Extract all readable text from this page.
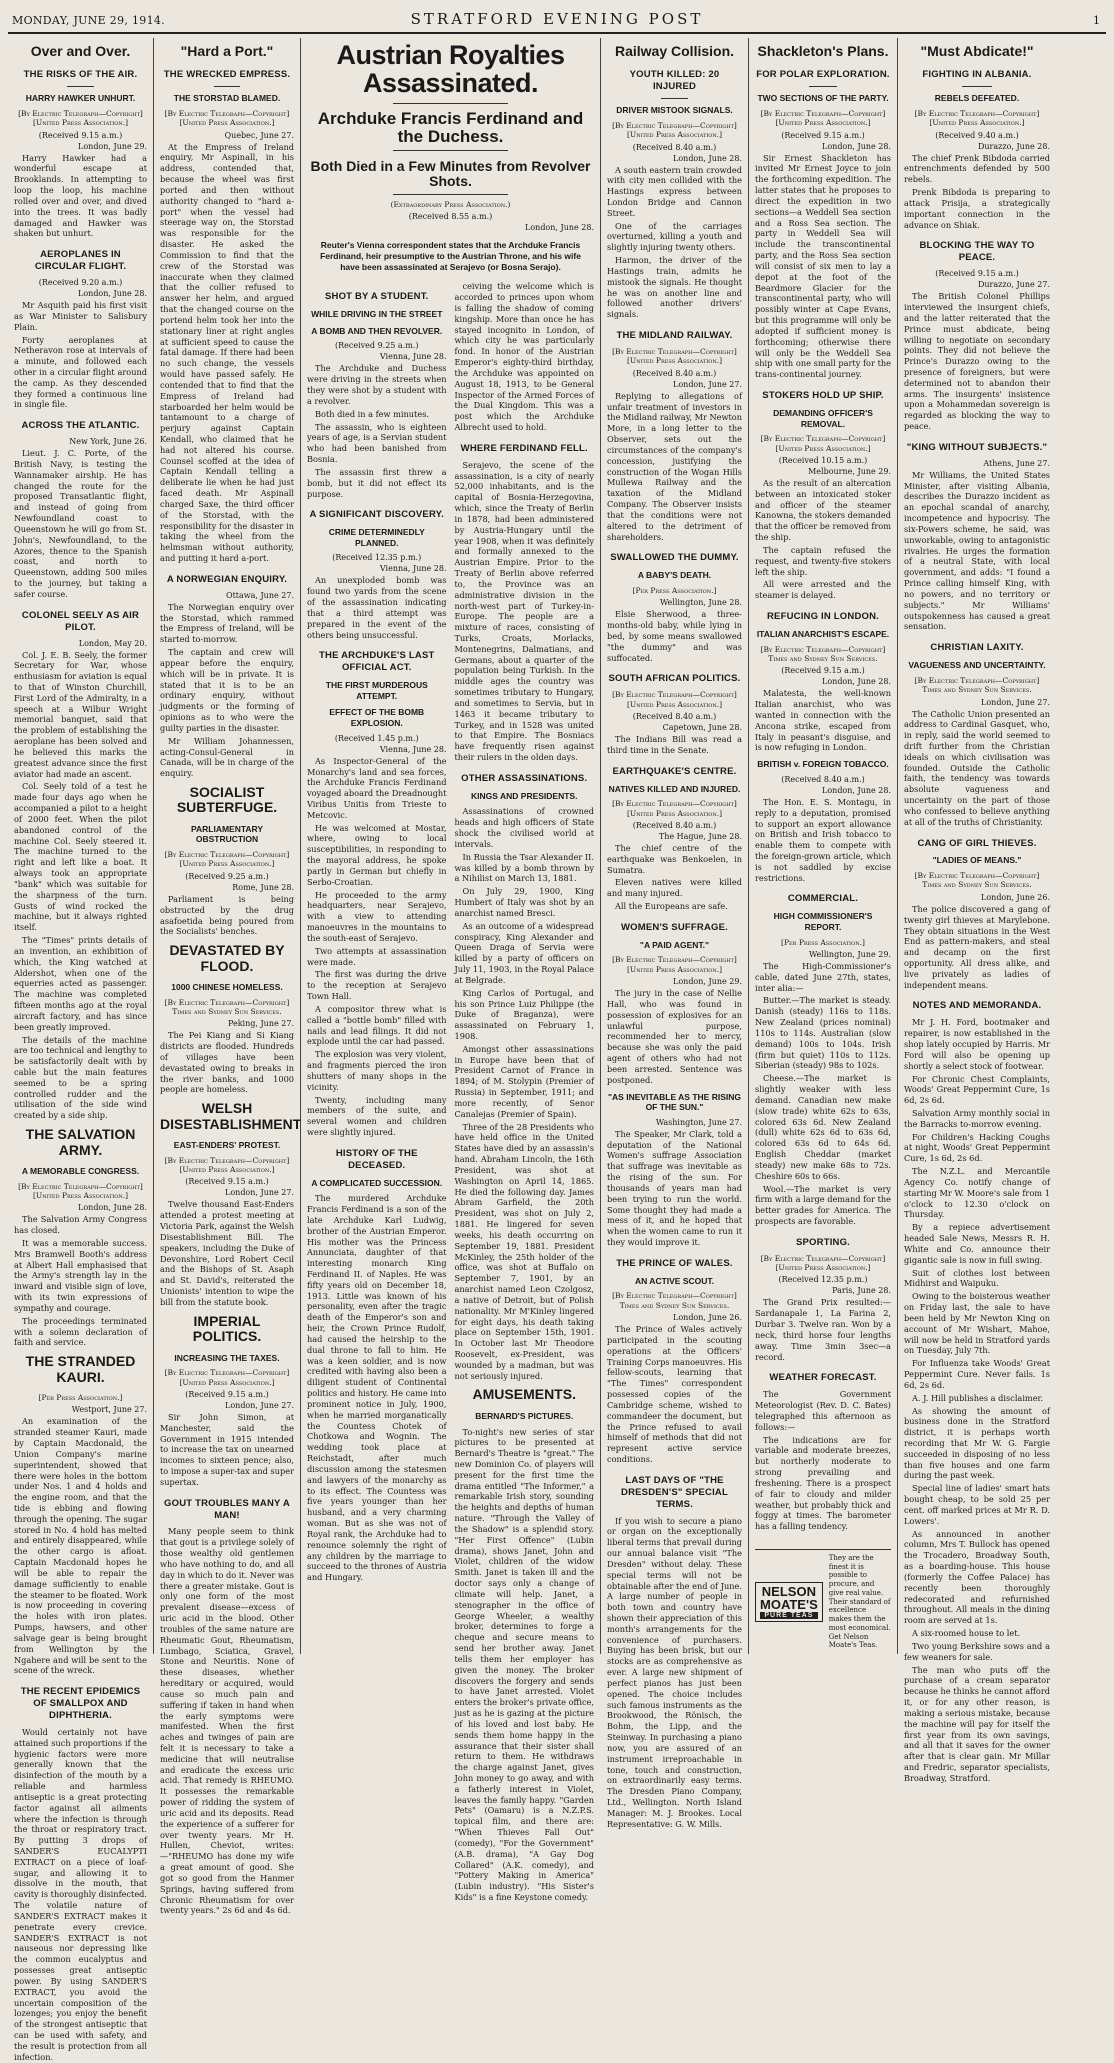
MONDAY, JUNE 29, 1914.	STRATFORD EVENING POST	1
Over and Over.
THE RISKS OF THE AIR.
HARRY HAWKER UNHURT.
[By Electric Telegraph—Copyright] [United Press Association.]
(Received 9.15 a.m.)
London, June 29.

Harry Hawker had a wonderful escape at Brooklands. In attempting to loop the loop, his machine rolled over and over, and dived into the trees. It was badly damaged and Hawker was shaken but unhurt.

AEROPLANES IN CIRCULAR FLIGHT.
(Received 9.20 a.m.)
London, June 28.

Mr Asquith paid his first visit as War Minister to Salisbury Plain.

Forty aeroplanes at Netheravon rose at intervals of a minute, and followed each other in a circular flight around the camp. As they descended they formed a continuous line in single file.

ACROSS THE ATLANTIC.
New York, June 26.

Lieut. J. C. Porte, of the British Navy, is testing the Wannamaker airship. He has changed the route for the proposed Transatlantic flight, and instead of going from Newfoundland coast to Queenstown he will go from St. John's, Newfoundland, to the Azores, thence to the Spanish coast, and north to Queenstown, adding 500 miles to the journey, but taking a safer course.

COLONEL SEELY AS AIR PILOT.
London, May 20.

Col. J. E. B. Seely, the former Secretary for War, whose enthusiasm for aviation is equal to that of Winston Churchill, First Lord of the Admiralty, in a speech at a Wilbur Wright memorial banquet, said that the problem of establishing the aeroplane has been solved and he believed this marks the greatest advance since the first aviator had made an ascent.

Col. Seely told of a test he made four days ago when he accompanied a pilot to a height of 2000 feet. When the pilot abandoned control of the machine Col. Seely steered it. The machine turned to the right and left like a boat. It always took an appropriate "bank" which was suitable for the sharpness of the turn. Gusts of wind rocked the machine, but it always righted itself.

The "Times" prints details of an invention, an exhibition of which, the King watched at Aldershot, when one of the equerries acted as passenger. The machine was completed fifteen months ago at the royal aircraft factory, and has since been greatly improved.

The details of the machine are too technical and lengthy to be satisfactorily dealt with by cable but the main features seemed to be a spring controlled rudder and the utilisation of the side wind created by a side ship.

THE SALVATION ARMY.
A MEMORABLE CONGRESS.
[By Electric Telegraph—Copyright] [United Press Association.]
London, June 28.

The Salvation Army Congress has closed.

It was a memorable success. Mrs Bramwell Booth's address at Albert Hall emphasised that the Army's strength lay in the inward and visible sign of love, with its twin expressions of sympathy and courage.

The proceedings terminated with a solemn declaration of faith and service.

THE STRANDED KAURI.
[Per Press Association.]
Westport, June 27.

An examination of the stranded steamer Kauri, made by Captain Macdonald, the Union Company's marine superintendent, showed that there were holes in the bottom under Nos. 1 and 4 holds and the engine room, and that the tide is ebbing and flowing through the opening. The sugar stored in No. 4 hold has melted and entirely disappeared, while the other cargo is afloat. Captain Macdonald hopes he will be able to repair the damage sufficiently to enable the steamer to be floated. Work is now proceeding in covering the holes with iron plates. Pumps, hawsers, and other salvage gear is being brought from Wellington by the Ngahere and will be sent to the scene of the wreck.

THE RECENT EPIDEMICS OF SMALLPOX AND DIPHTHERIA.

Would certainly not have attained such proportions if the hygienic factors were more generally known that the disinfection of the mouth by a reliable and harmless antiseptic is a great protecting factor against all ailments where the infection is through the throat or respiratory tract. By putting 3 drops of SANDER'S EUCALYPTI EXTRACT on a piece of loaf-sugar, and allowing it to dissolve in the mouth, that cavity is thoroughly disinfected. The volatile nature of SANDER'S EXTRACT makes it penetrate every crevice. SANDER'S EXTRACT is not nauseous nor depressing like the common eucalyptus and possesses great antiseptic power. By using SANDER'S EXTRACT, you avoid the uncertain composition of the lozenges; you enjoy the benefit of the strongest antiseptic that can be used with safety, and the result is protection from all infection.

"Hard a Port."
THE WRECKED EMPRESS.
THE STORSTAD BLAMED.
[By Electric Telegraph—Copyright] [United Press Association.]
Quebec, June 27.

At the Empress of Ireland enquiry, Mr Aspinall, in his address, contended that, because the wheel was first ported and then without authority changed to "hard a-port" when the vessel had steerage way on, the Storstad was responsible for the disaster. He asked the Commission to find that the crew of the Storstad was inaccurate when they claimed that the collier refused to answer her helm, and argued that the changed course on the portend helm took her into the stationary liner at right angles at sufficient speed to cause the fatal damage. If there had been no such change, the vessels would have passed safely. He contended that to find that the Empress of Ireland had starboarded her helm would be tantamount to a charge of perjury against Captain Kendall, who claimed that he had not altered his course. Counsel scoffed at the idea of Captain Kendall telling a deliberate lie when he had just faced death. Mr Aspinall charged Saxe, the third officer of the Storstad, with the responsibility for the disaster in taking the wheel from the helmsman without authority, and putting it hard a-port.

A NORWEGIAN ENQUIRY.
Ottawa, June 27.

The Norwegian enquiry over the Storstad, which rammed the Empress of Ireland, will be started to-morrow.

The captain and crew will appear before the enquiry, which will be in private. It is stated that it is to be an ordinary enquiry, without judgments or the forming of opinions as to who were the guilty parties in the disaster.

Mr William Johannessen, acting-Consul-General in Canada, will be in charge of the enquiry.

SOCIALIST SUBTERFUGE.
PARLIAMENTARY OBSTRUCTION
[By Electric Telegraph—Copyright] [United Press Association.]
(Received 9.25 a.m.)
Rome, June 28.

Parliament is being obstructed by the drug asafoetida being poured from the Socialists' benches.

DEVASTATED BY FLOOD.
1000 CHINESE HOMELESS.
[By Electric Telegraph—Copyright] Times and Sydney Sun Services.
Peking, June 27.

The Pei Kiang and Si Kiang districts are flooded. Hundreds of villages have been devastated owing to breaks in the river banks, and 1000 people are homeless.

WELSH DISESTABLISHMENT
EAST-ENDERS' PROTEST.
[By Electric Telegraph—Copyright] [United Press Association.]
(Received 9.15 a.m.)
London, June 27.

Twelve thousand East-Enders attended a protest meeting at Victoria Park, against the Welsh Disestablishment Bill. The speakers, including the Duke of Devonshire, Lord Robert Cecil and the Bishops of St. Asaph and St. David's, reiterated the Unionists' intention to wipe the bill from the statute book.

IMPERIAL POLITICS.
INCREASING THE TAXES.
[By Electric Telegraph—Copyright] [United Press Association.]
(Received 9.15 a.m.)
London, June 27.

Sir John Simon, at Manchester, said the Government in 1915 intended to increase the tax on unearned incomes to sixteen pence; also, to impose a super-tax and super supertax.

GOUT TROUBLES MANY A MAN!

Many people seem to think that gout is a privilege solely of those wealthy old gentlemen who have nothing to do, and all day in which to do it. Never was there a greater mistake. Gout is only one form of the most prevalent disease—excess of uric acid in the blood. Other troubles of the same nature are Rheumatic Gout, Rheumatism, Lumbago, Sciatica, Gravel, Stone and Neuritis. None of these diseases, whether hereditary or acquired, would cause so much pain and suffering if taken in hand when the early symptoms were manifested. When the first aches and twinges of pain are felt it is necessary to take a medicine that will neutralise and eradicate the excess uric acid. That remedy is RHEUMO. It possesses the remarkable power of ridding the system of uric acid and its deposits. Read the experience of a sufferer for over twenty years. Mr H. Hullen, Cheviot, writes:—"RHEUMO has done my wife a great amount of good. She got so good from the Hanmer Springs, having suffered from Chronic Rheumatism for over twenty years." 2s 6d and 4s 6d.

Austrian Royalties Assassinated.
Archduke Francis Ferdinand and the Duchess.
Both Died in a Few Minutes from Revolver Shots.
(Extraordinary Press Association.)
(Received 8.55 a.m.)
London, June 28.
Reuter's Vienna correspondent states that the Archduke Francis Ferdinand, heir presumptive to the Austrian Throne, and his wife have been assassinated at Serajevo (or Bosna Serajo).
SHOT BY A STUDENT.
WHILE DRIVING IN THE STREET
A BOMB AND THEN REVOLVER.
(Received 9.25 a.m.)
Vienna, June 28.

The Archduke and Duchess were driving in the streets when they were shot by a student with a revolver.

Both died in a few minutes.

The assassin, who is eighteen years of age, is a Servian student who had been banished from Bosnia.

The assassin first threw a bomb, but it did not effect its purpose.

A SIGNIFICANT DISCOVERY.
CRIME DETERMINEDLY PLANNED.
(Received 12.35 p.m.)
Vienna, June 28.

An unexploded bomb was found two yards from the scene of the assassination indicating that a third attempt was prepared in the event of the others being unsuccessful.

THE ARCHDUKE'S LAST OFFICIAL ACT.
THE FIRST MURDEROUS ATTEMPT.
EFFECT OF THE BOMB EXPLOSION.
(Received 1.45 p.m.)
Vienna, June 28.

As Inspector-General of the Monarchy's land and sea forces, the Archduke Francis Ferdinand voyaged aboard the Dreadnought Viribus Unitis from Trieste to Metcovic.

He was welcomed at Mostar, where, owing to local susceptibilities, in responding to the mayoral address, he spoke partly in German but chiefly in Serbo-Croatian.

He proceeded to the army headquarters, near Serajevo, with a view to attending manoeuvres in the mountains to the south-east of Serajevo.

Two attempts at assassination were made.

The first was during the drive to the reception at Serajevo Town Hall.

A compositor threw what is called a "bottle bomb" filled with nails and lead filings. It did not explode until the car had passed.

The explosion was very violent, and fragments pierced the iron shutters of many shops in the vicinity.

Twenty, including many members of the suite, and several women and children were slightly injured.

HISTORY OF THE DECEASED.
A COMPLICATED SUCCESSION.

The murdered Archduke Francis Ferdinand is a son of the late Archduke Karl Ludwig, brother of the Austrian Emperor. His mother was the Princess Annunciata, daughter of that interesting monarch King Ferdinand II. of Naples. He was fifty years old on December 18, 1913. Little was known of his personality, even after the tragic death of the Emperor's son and heir, the Crown Prince Rudolf, had caused the heirship to the dual throne to fall to him. He was a keen soldier, and is now credited with having also been a diligent student of Continental politics and history. He came into prominent notice in July, 1900, when he married morganatically the Countess Chotek of Chotkowa and Wognin. The wedding took place at Reichstadt, after much discussion among the statesmen and lawyers of the monarchy as to its effect. The Countess was five years younger than her husband, and a very charming woman. But as she was not of Royal rank, the Archduke had to renounce solemnly the right of any children by the marriage to succeed to the thrones of Austria and Hungary.

ceiving the welcome which is accorded to princes upon whom is falling the shadow of coming kingship. More than once he has stayed incognito in London, of which city he was particularly fond. In honor of the Austrian Emperor's eighty-third birthday, the Archduke was appointed on August 18, 1913, to be General Inspector of the Armed Forces of the Dual Kingdom. This was a post which the Archduke Albrecht used to hold.

WHERE FERDINAND FELL.

Serajevo, the scene of the assassination, is a city of nearly 52,000 inhabitants, and is the capital of Bosnia-Herzegovina, which, since the Treaty of Berlin in 1878, had been administered by Austria-Hungary until the year 1908, when it was definitely and formally annexed to the Austrian Empire. Prior to the Treaty of Berlin above referred to, the Province was an administrative division in the north-west part of Turkey-in-Europe. The people are a mixture of races, consisting of Turks, Croats, Morlacks, Montenegrins, Dalmatians, and Germans, about a quarter of the population being Turkish. In the middle ages the country was sometimes tributary to Hungary, and sometimes to Servia, but in 1463 it became tributary to Turkey, and in 1528 was united to that Empire. The Bosniacs have frequently risen against their rulers in the olden days.

OTHER ASSASSINATIONS.
KINGS AND PRESIDENTS.

Assassinations of crowned heads and high officers of State shock the civilised world at intervals.

In Russia the Tsar Alexander II. was killed by a bomb thrown by a Nihilist on March 13, 1881.

On July 29, 1900, King Humbert of Italy was shot by an anarchist named Bresci.

As an outcome of a widespread conspiracy, King Alexander and Queen Draga of Servia were killed by a party of officers on July 11, 1903, in the Royal Palace at Belgrade.

King Carlos of Portugal, and his son Prince Luiz Philippe (the Duke of Braganza), were assassinated on February 1, 1908.

Amongst other assassinations in Europe have been that of President Carnot of France in 1894; of M. Stolypin (Premier of Russia) in September, 1911; and more recently, of Senor Canalejas (Premier of Spain).

Three of the 28 Presidents who have held office in the United States have died by an assassin's hand. Abraham Lincoln, the 16th President, was shot at Washington on April 14, 1865. He died the following day. James Abram Garfield, the 20th President, was shot on July 2, 1881. He lingered for seven weeks, his death occurring on September 19, 1881. President McKinley, the 25th holder of the office, was shot at Buffalo on September 7, 1901, by an anarchist named Leon Czolgosz, a native of Detroit, but of Polish nationality. Mr M'Kinley lingered for eight days, his death taking place on September 15th, 1901. In October last Mr Theodore Roosevelt, ex-President, was wounded by a madman, but was not seriously injured.

AMUSEMENTS.
BERNARD'S PICTURES.

To-night's new series of star pictures to be presented at Bernard's Theatre is "great." The new Dominion Co. of players will present for the first time the drama entitled "The Informer," a remarkable Irish story, sounding the heights and depths of human nature. "Through the Valley of the Shadow" is a splendid story. "Her First Offence" (Lubin drama), shows Janet, John and Violet, children of the widow Smith. Janet is taken ill and the doctor says only a change of climate will help. Janet, a stenographer in the office of George Wheeler, a wealthy broker, determines to forge a cheque and secure means to send her brother away. Janet tells them her employer has given the money. The broker discovers the forgery and sends to have Janet arrested. Violet enters the broker's private office, just as he is gazing at the picture of his loved and lost baby. He sends them home happy in the assurance that their sister shall return to them. He withdraws the charge against Janet, gives John money to go away, and with a fatherly interest in Violet, leaves the family happy. "Garden Pets" (Oamaru) is a N.Z.P.S. topical film, and there are: "When Thieves Fall Out" (comedy), "For the Government" (A.B. drama), "A Gay Dog Collared" (A.K. comedy), and "Pottery Making in America" (Lubin industry). "His Sister's Kids" is a fine Keystone comedy.

Railway Collision.
YOUTH KILLED: 20 INJURED
DRIVER MISTOOK SIGNALS.
[By Electric Telegraph—Copyright] [United Press Association.]
(Received 8.40 a.m.)
London, June 28.

A south eastern train crowded with city men collided with the Hastings express between London Bridge and Cannon Street.

One of the carriages overturned, killing a youth and slightly injuring twenty others.

Harmon, the driver of the Hastings train, admits he mistook the signals. He thought he was on another line and followed another drivers' signals.

THE MIDLAND RAILWAY.
[By Electric Telegraph—Copyright] [United Press Association.]
(Received 8.40 a.m.)
London, June 27.

Replying to allegations of unfair treatment of investors in the Midland railway, Mr Newton More, in a long letter to the Observer, sets out the circumstances of the company's concession, justifying the construction of the Wogan Hills Mullewa Railway and the taxation of the Midland Company. The Observer insists that the conditions were not altered to the detriment of shareholders.

SWALLOWED THE DUMMY.
A BABY'S DEATH.
[Per Press Association.]
Wellington, June 28.

Elsie Sherwood, a three-months-old baby, while lying in bed, by some means swallowed "the dummy" and was suffocated.

SOUTH AFRICAN POLITICS.
[By Electric Telegraph—Copyright] [United Press Association.]
(Received 8.40 a.m.)
Capetown, June 28.

The Indians Bill was read a third time in the Senate.

EARTHQUAKE'S CENTRE.
NATIVES KILLED AND INJURED.
[By Electric Telegraph—Copyright] [United Press Association.]
(Received 8.40 a.m.)
The Hague, June 28.

The chief centre of the earthquake was Benkoelen, in Sumatra.

Eleven natives were killed and many injured.

All the Europeans are safe.

WOMEN'S SUFFRAGE.
"A PAID AGENT."
[By Electric Telegraph—Copyright] [United Press Association.]
London, June 29.

The jury in the case of Nellie Hall, who was found in possession of explosives for an unlawful purpose, recommended her to mercy, because she was only the paid agent of others who had not been arrested. Sentence was postponed.

"AS INEVITABLE AS THE RISING OF THE SUN."
Washington, June 27.

The Speaker, Mr Clark, told a deputation of the National Women's suffrage Association that suffrage was inevitable as the rising of the sun. For thousands of years man had been trying to run the world. Some thought they had made a mess of it, and he hoped that when the women came to run it they would improve it.

THE PRINCE OF WALES.
AN ACTIVE SCOUT.
[By Electric Telegraph—Copyright] Times and Sydney Sun Services.
London, June 26.

The Prince of Wales actively participated in the scouting operations at the Officers' Training Corps manoeuvres. His fellow-scouts, learning that "The Times" correspondent possessed copies of the Cambridge scheme, wished to commandeer the document, but the Prince refused to avail himself of methods that did not represent active service conditions.

LAST DAYS OF "THE DRESDEN'S" SPECIAL TERMS.

If you wish to secure a piano or organ on the exceptionally liberal terms that prevail during our annual balance visit "The Dresden" without delay. These special terms will not be obtainable after the end of June. A large number of people in both town and country have shown their appreciation of this month's arrangements for the convenience of purchasers. Buying has been brisk, but our stocks are as comprehensive as ever. A large new shipment of perfect pianos has just been opened. The choice includes such famous instruments as the Brookwood, the Rönisch, the Bohm, the Lipp, and the Steinway. In purchasing a piano now, you are assured of an instrument irreproachable in tone, touch and construction, on extraordinarily easy terms. The Dresden Piano Company, Ltd., Wellington. North Island Manager: M. J. Brookes. Local Representative: G. W. Mills.

Shackleton's Plans.
FOR POLAR EXPLORATION.
TWO SECTIONS OF THE PARTY.
[By Electric Telegraph—Copyright] [United Press Association.]
(Received 9.15 a.m.)
London, June 28.

Sir Ernest Shackleton has invited Mr Ernest Joyce to join the forthcoming expedition. The latter states that he proposes to direct the expedition in two sections—a Weddell Sea section and a Ross Sea section. The party in Weddell Sea will include the transcontinental party, and the Ross Sea section will consist of six men to lay a depot at the foot of the Beardmore Glacier for the transcontinental party, who will possibly winter at Cape Evans, but this programme will only be adopted if sufficient money is forthcoming; otherwise there will only be the Weddell Sea ship with one small party for the trans-continental journey.

STOKERS HOLD UP SHIP.
DEMANDING OFFICER'S REMOVAL.
[By Electric Telegraph—Copyright] [United Press Association.]
(Received 10.15 a.m.)
Melbourne, June 29.

As the result of an altercation between an intoxicated stoker and officer of the steamer Kanowna, the stokers demanded that the officer be removed from the ship.

The captain refused the request, and twenty-five stokers left the ship.

All were arrested and the steamer is delayed.

REFUCING IN LONDON.
ITALIAN ANARCHIST'S ESCAPE.
[By Electric Telegraph—Copyright] Times and Sydney Sun Services.
(Received 9.15 a.m.)
London, June 28.

Malatesta, the well-known Italian anarchist, who was wanted in connection with the Ancona strike, escaped from Italy in peasant's disguise, and is now refuging in London.

BRITISH v. FOREIGN TOBACCO.
(Received 8.40 a.m.)
London, June 28.

The Hon. E. S. Montagu, in reply to a deputation, promised to support an export allowance on British and Irish tobacco to enable them to compete with the foreign-grown article, which is not saddled by excise restrictions.

COMMERCIAL.
HIGH COMMISSIONER'S REPORT.
[Per Press Association.]
Wellington, June 29.

The High-Commissioner's cable, dated June 27th, states, inter alia:—

Butter.—The market is steady. Danish (steady) 116s to 118s. New Zealand (prices nominal) 110s to 114s. Australian (slow demand) 100s to 104s. Irish (firm but quiet) 110s to 112s. Siberian (steady) 98s to 102s.

Cheese.—The market is slightly weaker with less demand. Canadian new make (slow trade) white 62s to 63s, colored 63s 6d. New Zealand (dull) white 62s 6d to 63s 6d, colored 63s 6d to 64s 6d. English Cheddar (market steady) new make 68s to 72s. Cheshire 60s to 66s.

Wool.—The market is very firm with a large demand for the better grades for America. The prospects are favorable.

SPORTING.
[By Electric Telegraph—Copyright] [United Press Association.]
(Received 12.35 p.m.)
Paris, June 28.

The Grand Prix resulted:—Sardanapale 1, La Farina 2, Durbar 3. Twelve ran. Won by a neck, third horse four lengths away. Time 3min 3sec—a record.

WEATHER FORECAST.

The Government Meteorologist (Rev. D. C. Bates) telegraphed this afternoon as follows:—

The indications are for variable and moderate breezes, but northerly moderate to strong prevailing and freshening. There is a prospect of fair to cloudy and milder weather, but probably thick and foggy at times. The barometer has a falling tendency.

NELSON
MOATE'S
PURE TEAS
They are the finest it is possible to procure, and give real value. Their standard of excellence makes them the most economical. Get Nelson Moate's Teas.
"Must Abdicate!"
FIGHTING IN ALBANIA.
REBELS DEFEATED.
[By Electric Telegraph—Copyright] [United Press Association.]
(Received 9.40 a.m.)
Durazzo, June 28.

The chief Prenk Bibdoda carried entrenchments defended by 500 rebels.

Prenk Bibdoda is preparing to attack Prisija, a strategically important connection in the advance on Shiak.

BLOCKING THE WAY TO PEACE.
(Received 9.15 a.m.)
Durazzo, June 27.

The British Colonel Phillips interviewed the insurgent chiefs, and the latter reiterated that the Prince must abdicate, being willing to negotiate on secondary points. They did not believe the Prince's Durazzo owing to the presence of foreigners, but were determined not to abandon their arms. The insurgents' insistence upon a Mohammedan sovereign is regarded as blocking the way to peace.

"KING WITHOUT SUBJECTS."
Athens, June 27.

Mr Williams, the United States Minister, after visiting Albania, describes the Durazzo incident as an epochal scandal of anarchy, incompetence and hypocrisy. The six-Powers scheme, he said, was unworkable, owing to antagonistic rivalries. He urges the formation of a neutral State, with local government, and adds: "I found a Prince calling himself King, with no powers, and no territory or subjects." Mr Williams' outspokenness has caused a great sensation.

CHRISTIAN LAXITY.
VAGUENESS AND UNCERTAINTY.
[By Electric Telegraph—Copyright] Times and Sydney Sun Services.
London, June 27.

The Catholic Union presented an address to Cardinal Gasquet, who, in reply, said the world seemed to drift further from the Christian ideals on which civilisation was founded. Outside the Catholic faith, the tendency was towards absolute vagueness and uncertainty on the part of those who confessed to believe anything at all of the truths of Christianity.

CANG OF GIRL THIEVES.
"LADIES OF MEANS."
[By Electric Telegraph—Copyright] Times and Sydney Sun Services.
London, June 26.

The police discovered a gang of twenty girl thieves at Marylebone. They obtain situations in the West End as pattern-makers, and steal and decamp on the first opportunity. All dress alike, and live privately as ladies of independent means.

NOTES AND MEMORANDA.

Mr J. H. Ford, bootmaker and repairer, is now established in the shop lately occupied by Harris. Mr Ford will also be opening up shortly a select stock of footwear.

For Chronic Chest Complaints, Woods' Great Peppermint Cure, 1s 6d, 2s 6d.

Salvation Army monthly social in the Barracks to-morrow evening.

For Children's Hacking Coughs at night, Woods' Great Peppermint Cure, 1s 6d, 2s 6d.

The N.Z.L. and Mercantile Agency Co. notify change of starting Mr W. Moore's sale from 1 o'clock to 12.30 o'clock on Thursday.

By a repiece advertisement headed Sale News, Messrs R. H. White and Co. announce their gigantic sale is now in full swing.

Suit of clothes lost between Midhirst and Waipuku.

Owing to the boisterous weather on Friday last, the sale to have been held by Mr Newton King on account of Mr Wishart, Mahoe, will now be held in Stratford yards on Tuesday, July 7th.

For Influenza take Woods' Great Peppermint Cure. Never fails. 1s 6d, 2s 6d.

A. J. Hill publishes a disclaimer.

As showing the amount of business done in the Stratford district, it is perhaps worth recording that Mr W. G. Fargie succeeded in disposing of no less than five houses and one farm during the past week.

Special line of ladies' smart hats bought cheap, to be sold 25 per cent. off marked prices at Mr R. D. Lowers'.

As announced in another column, Mrs T. Bullock has opened the Trocadero, Broadway South, as a boarding-house. This house (formerly the Coffee Palace) has recently been thoroughly redecorated and refurnished throughout. All meals in the dining room are served at 1s.

A six-roomed house to let.

Two young Berkshire sows and a few weaners for sale.

The man who puts off the purchase of a cream separator because he thinks he cannot afford it, or for any other reason, is making a serious mistake, because the machine will pay for itself the first year from its own savings, and all that it saves for the owner after that is clear gain. Mr Millar and Fredric, separator specialists, Broadway, Stratford.
